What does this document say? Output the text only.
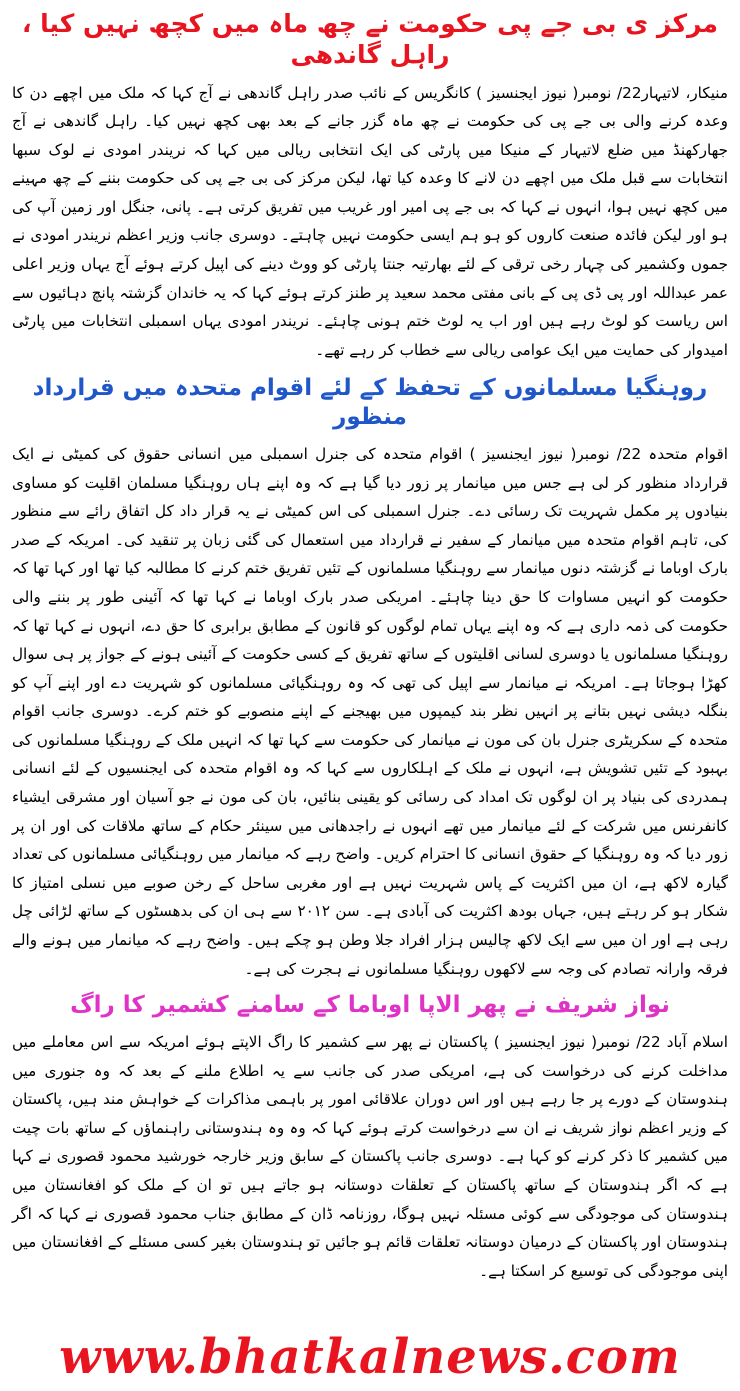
مرکز ی بی جے پی حکومت نے چھ ماہ میں کچھ نہیں کیا ، راہل گاندھی

منیکار، لاتیہار22/ نومبر( نیوز ایجنسیز ) کانگریس کے نائب صدر راہل گاندھی نے آج کہا کہ ملک میں اچھے دن کا وعدہ کرنے والی بی جے پی کی حکومت نے چھ ماہ گزر جانے کے بعد بھی کچھ نہیں کیا۔ راہل گاندھی نے آج جھارکھنڈ میں ضلع لاتیہار کے منیکا میں پارٹی کی ایک انتخابی ریالی میں کہا کہ نریندر امودی نے لوک سبھا انتخابات سے قبل ملک میں اچھے دن لانے کا وعدہ کیا تھا، لیکن مرکز کی بی جے پی کی حکومت بننے کے چھ مہینے میں کچھ نہیں ہوا، انہوں نے کہا کہ بی جے پی امیر اور غریب میں تفریق کرتی ہے۔ پانی، جنگل اور زمین آپ کی ہو اور لیکن فائدہ صنعت کاروں کو ہو ہم ایسی حکومت نہیں چاہتے۔ دوسری جانب وزیر اعظم نریندر امودی نے جموں وکشمیر کی چہار رخی ترقی کے لئے بھارتیہ جنتا پارٹی کو ووٹ دینے کی اپیل کرتے ہوئے آج یہاں وزیر اعلی عمر عبداللہ اور پی ڈی پی کے بانی مفتی محمد سعید پر طنز کرتے ہوئے کہا کہ یہ خاندان گزشتہ پانچ دہائیوں سے اس ریاست کو لوٹ رہے ہیں اور اب یہ لوٹ ختم ہونی چاہئے۔ نریندر امودی یہاں اسمبلی انتخابات میں پارٹی امیدوار کی حمایت میں ایک عوامی ریالی سے خطاب کر رہے تھے۔

روہنگیا مسلمانوں کے تحفظ کے لئے اقوام متحدہ میں قرارداد منظور

اقوام متحدہ 22/ نومبر( نیوز ایجنسیز ) اقوام متحدہ کی جنرل اسمبلی میں انسانی حقوق کی کمیٹی نے ایک قرارداد منظور کر لی ہے جس میں میانمار پر زور دیا گیا ہے کہ وہ اپنے ہاں روہنگیا مسلمان اقلیت کو مساوی بنیادوں پر مکمل شہریت تک رسائی دے۔ جنرل اسمبلی کی اس کمیٹی نے یہ قرار داد کل اتفاق رائے سے منظور کی، تاہم اقوام متحدہ میں میانمار کے سفیر نے قرارداد میں استعمال کی گئی زبان پر تنقید کی۔ امریکہ کے صدر بارک اوباما نے گزشتہ دنوں میانمار سے روہنگیا مسلمانوں کے تئیں تفریق ختم کرنے کا مطالبہ کیا تھا اور کہا تھا کہ حکومت کو انہیں مساوات کا حق دینا چاہئے۔ امریکی صدر بارک اوباما نے کہا تھا کہ آئینی طور پر بننے والی حکومت کی ذمہ داری ہے کہ وہ اپنے یہاں تمام لوگوں کو قانون کے مطابق برابری کا حق دے، انہوں نے کہا تھا کہ روہنگیا مسلمانوں یا دوسری لسانی اقلیتوں کے ساتھ تفریق کے کسی حکومت کے آئینی ہونے کے جواز پر ہی سوال کھڑا ہوجاتا ہے۔ امریکہ نے میانمار سے اپیل کی تھی کہ وہ روہنگیائی مسلمانوں کو شہریت دے اور اپنے آپ کو بنگلہ دیشی نہیں بتانے پر انہیں نظر بند کیمپوں میں بھیجنے کے اپنے منصوبے کو ختم کرے۔ دوسری جانب اقوام متحدہ کے سکریٹری جنرل بان کی مون نے میانمار کی حکومت سے کہا تھا کہ انہیں ملک کے روہنگیا مسلمانوں کی بہبود کے تئیں تشویش ہے، انہوں نے ملک کے اہلکاروں سے کہا کہ وہ اقوام متحدہ کی ایجنسیوں کے لئے انسانی ہمدردی کی بنیاد پر ان لوگوں تک امداد کی رسائی کو یقینی بنائیں، بان کی مون نے جو آسیان اور مشرقی ایشیاء کانفرنس میں شرکت کے لئے میانمار میں تھے انہوں نے راجدھانی میں سینئر حکام کے ساتھ ملاقات کی اور ان پر زور دیا کہ وہ روہنگیا کے حقوق انسانی کا احترام کریں۔ واضح رہے کہ میانمار میں روہنگیائی مسلمانوں کی تعداد گیارہ لاکھ ہے، ان میں اکثریت کے پاس شہریت نہیں ہے اور مغربی ساحل کے رخن صوبے میں نسلی امتیاز کا شکار ہو کر رہتے ہیں، جہاں بودھ اکثریت کی آبادی ہے۔ سن ۲۰۱۲ سے ہی ان کی بدھسٹوں کے ساتھ لڑائی چل رہی ہے اور ان میں سے ایک لاکھ چالیس ہزار افراد جلا وطن ہو چکے ہیں۔ واضح رہے کہ میانمار میں ہونے والے فرقہ وارانہ تصادم کی وجہ سے لاکھوں روہنگیا مسلمانوں نے ہجرت کی ہے۔

نواز شریف نے پھر الاپا اوباما کے سامنے کشمیر کا راگ

اسلام آباد 22/ نومبر( نیوز ایجنسیز ) پاکستان نے پھر سے کشمیر کا راگ الاپتے ہوئے امریکہ سے اس معاملے میں مداخلت کرنے کی درخواست کی ہے، امریکی صدر کی جانب سے یہ اطلاع ملنے کے بعد کہ وہ جنوری میں ہندوستان کے دورے پر جا رہے ہیں اور اس دوران علاقائی امور پر باہمی مذاکرات کے خواہش مند ہیں، پاکستان کے وزیر اعظم نواز شریف نے ان سے درخواست کرتے ہوئے کہا کہ وہ وہ ہندوستانی راہنماؤں کے ساتھ بات چیت میں کشمیر کا ذکر کرنے کو کہا ہے۔ دوسری جانب پاکستان کے سابق وزیر خارجہ خورشید محمود قصوری نے کہا ہے کہ اگر ہندوستان کے ساتھ پاکستان کے تعلقات دوستانہ ہو جاتے ہیں تو ان کے ملک کو افغانستان میں ہندوستان کی موجودگی سے کوئی مسئلہ نہیں ہوگا، روزنامہ ڈان کے مطابق جناب محمود قصوری نے کہا کہ اگر ہندوستان اور پاکستان کے درمیان دوستانہ تعلقات قائم ہو جائیں تو ہندوستان بغیر کسی مسئلے کے افغانستان میں اپنی موجودگی کی توسیع کر اسکتا ہے۔

www.bhatkalnews.com
